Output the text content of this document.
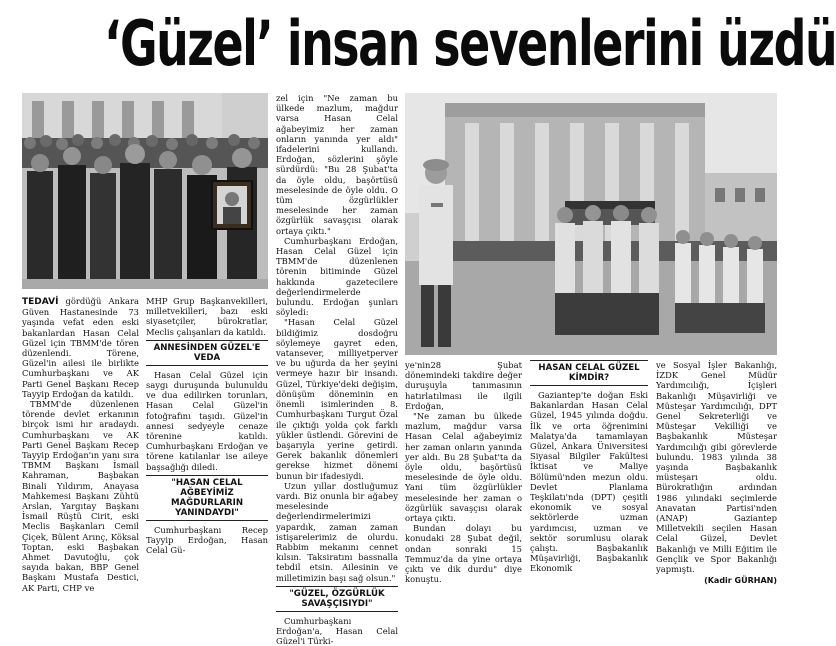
‘Güzel’ insan sevenlerini üzdü

TEDAVİ gördüğü Ankara Güven Hastanesinde 73 yaşında vefat eden eski bakanlardan Hasan Celal Güzel için TBMM'de tören düzenlendi. Törene, Güzel'in ailesi ile birlikte Cumhurbaşkanı ve AK Parti Genel Başkanı Recep Tayyip Erdoğan da katıldı.

TBMM'de düzenlenen törende devlet erkanının birçok ismi hır aradaydı. Cumhurbaşkanı ve AK Parti Genel Başkanı Recep Tayyip Erdoğan'ın yanı sıra TBMM Başkanı İsmail Kahraman, Başbakan Binali Yıldırım, Anayasa Mahkemesi Başkanı Zühtü Arslan, Yargıtay Başkanı İsmail Rüştü Cirit, eski Meclis Başkanları Cemil Çiçek, Bülent Arınç, Köksal Toptan, eski Başbakan Ahmet Davutoğlu, çok sayıda bakan, BBP Genel Başkanı Mustafa Destici, AK Parti, CHP ve

MHP Grup Başkanvekilleri, milletvekilleri, bazı eski siyasetçiler, bürokratlar, Meclis çalışanları da katıldı.

ANNESİNDEN GÜZEL'E VEDA

Hasan Celal Güzel için saygı duruşunda bulunuldu ve dua edilirken torunları, Hasan Celal Güzel'in fotoğrafını taşıdı. Güzel'in annesi sedyeyle cenaze törenine katıldı. Cumhurbaşkanı Erdoğan ve törene katılanlar ise aileye başsağlığı diledi.

"HASAN CELAL AĞBEYİMİZ MAĞDURLARIN YANINDAYDI"

Cumhurbaşkanı Recep Tayyip Erdoğan, Hasan Celal Gü-

zel için "Ne zaman bu ülkede mazlum, mağdur varsa Hasan Celal ağabeyimiz her zaman onların yanında yer aldı" ifadelerini kullandı. Erdoğan, sözlerini şöyle sürdürdü: "Bu 28 Şubat'ta da öyle oldu, başörtüsü meselesinde de öyle oldu. O tüm özgürlükler meselesinde her zaman özgürlük savaşçısı olarak ortaya çıktı."

Cumhurbaşkanı Erdoğan, Hasan Celal Güzel için TBMM'de düzenlenen törenin bitiminde Güzel hakkında gazetecilere değerlendirmelerde bulundu. Erdoğan şunları söyledi:

"Hasan Celal Güzel bildiğimiz dosdoğru söylemeye gayret eden, vatansever, milliyetperver ve bu uğurda da her şeyini vermeye hazır bir insandı. Güzel, Türkiye'deki değişim, dönüşüm döneminin en önemli isimlerinden 8. Cumhurbaşkanı Turgut Özal ile çıktığı yolda çok farklı yükler üstlendi. Görevini de başarıyla yerine getirdi. Gerek bakanlık dönemleri gerekse hizmet dönemi bunun bir ifadesiydi.

Uzun yıllar dostluğumuz vardı. Biz onunla bir ağabey meselesinde değerlendirmelerimizi yapardık, zaman zaman istişarelerimiz de olurdu. Rabbim mekanını cennet kılsın. Taksiratını bassnalla tebdil etsin. Ailesinin ve milletimizin başı sağ olsun."

"GÜZEL, ÖZGÜRLÜK SAVAŞÇISIYDI"

Cumhurbaşkanı Erdoğan'a, Hasan Celal Güzel'i Türki-

ye'nin28 Şubat dönemindeki takdire değer duruşuyla tanımasının hatırlatılması ile ilgili Erdoğan,

"Ne zaman bu ülkede mazlum, mağdur varsa Hasan Celal ağabeyimiz her zaman onların yanında yer aldı. Bu 28 Şubat'ta da öyle oldu, başörtüsü meselesinde de öyle oldu. Yani tüm özgürlükler meselesinde her zaman o özgürlük savaşçısı olarak ortaya çıktı.

Bundan dolayı bu konudaki 28 Şubat değil, ondan sonraki 15 Temmuz'da da yine ortaya çıktı ve dik durdu" diye konuştu.

HASAN CELAL GÜZEL KİMDİR?

Gaziantep'te doğan Eski Bakanlardan Hasan Celal Güzel, 1945 yılında doğdu. İlk ve orta öğrenimini Malatya'da tamamlayan Güzel, Ankara Üniversitesi Siyasal Bilgiler Fakültesi İktisat ve Maliye Bölümü'nden mezun oldu. Devlet Planlama Teşkilatı'nda (DPT) çeşitli ekonomik ve sosyal sektörlerde uzman yardımcısı, uzman ve sektör sorumlusu olarak çalıştı. Başbakanlık Müşavirliği, Başbakanlık Ekonomik

ve Sosyal İşler Bakanlığı, İZDK Genel Müdür Yardımcılığı, İçişleri Bakanlığı Müşavirliği ve Müsteşar Yardımcılığı, DPT Genel Sekreterliği ve Müsteşar Vekilliği ve Başbakanlık Müsteşar Yardımcılığı gibi görevlerde bulundu. 1983 yılında 38 yaşında Başbakanlık müsteşarı oldu. Bürokratlığın ardından 1986 yılındaki seçimlerde Anavatan Partisi'nden (ANAP) Gaziantep Milletvekili seçilen Hasan Celal Güzel, Devlet Bakanlığı ve Milli Eğitim ile Gençlik ve Spor Bakanlığı yapmıştı.

(Kadir GÜRHAN)
